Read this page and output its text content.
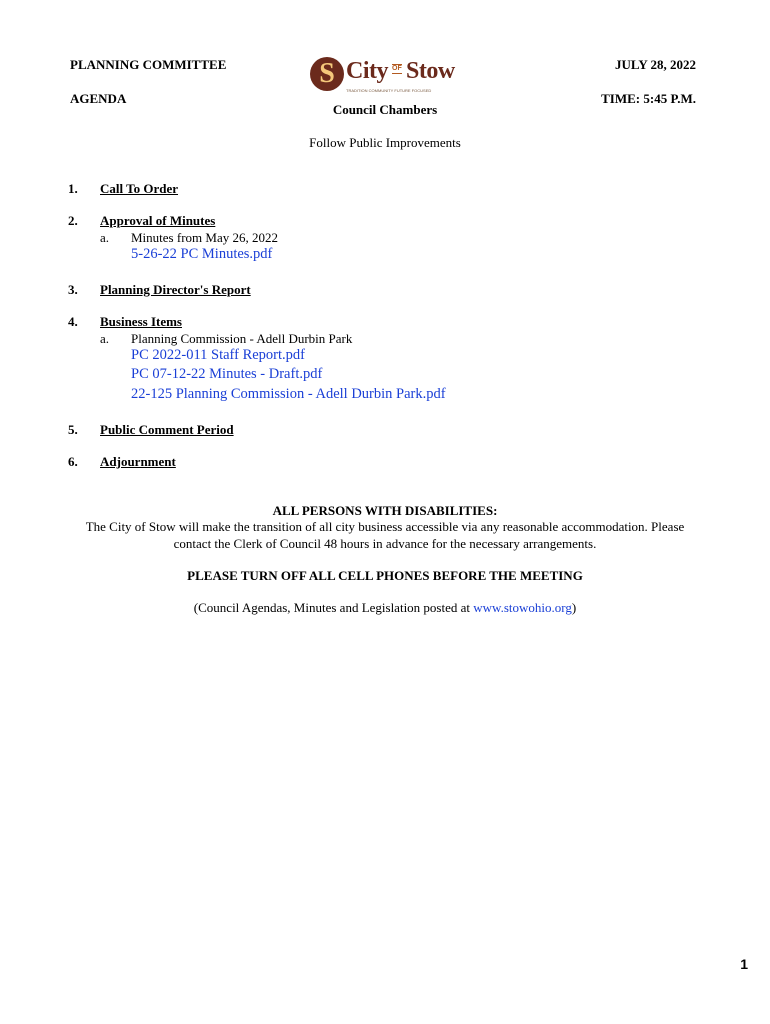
PLANNING COMMITTEE
AGENDA
JULY 28, 2022
TIME: 5:45 P.M.
S City OF Stow
TRADITION COMMUNITY FUTURE FOCUSED
Council Chambers
Follow Public Improvements
1. Call To Order
2. Approval of Minutes
a. Minutes from May 26, 2022
5-26-22 PC Minutes.pdf
3. Planning Director's Report
4. Business Items
a. Planning Commission - Adell Durbin Park
PC 2022-011 Staff Report.pdf
PC 07-12-22 Minutes - Draft.pdf
22-125 Planning Commission - Adell Durbin Park.pdf
5. Public Comment Period
6. Adjournment
ALL PERSONS WITH DISABILITIES:
The City of Stow will make the transition of all city business accessible via any reasonable accommodation. Please
contact the Clerk of Council 48 hours in advance for the necessary arrangements.
PLEASE TURN OFF ALL CELL PHONES BEFORE THE MEETING
(Council Agendas, Minutes and Legislation posted at www.stowohio.org)
1
